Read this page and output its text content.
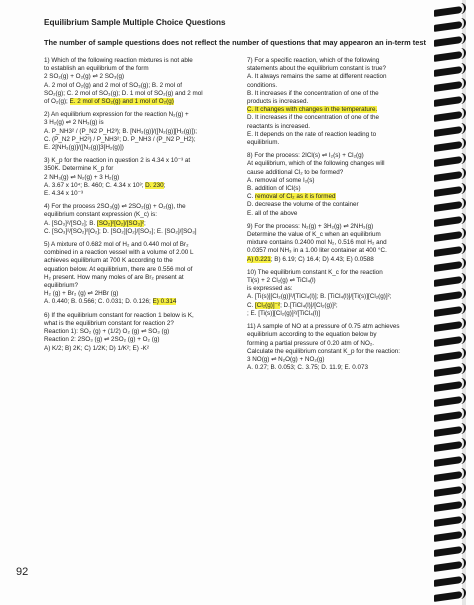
Equilibrium Sample Multiple Choice Questions
The number of sample questions does not reflect the number of questions that may appearon an in-term test
1) Which of the following reaction mixtures is not able
to establish an equilibrium of the form
2 SO₂(g) + O₂(g) ⇌ 2 SO₃(g)
A. 2 mol of O₂(g) and 2 mol of SO₃(g); B. 2 mol of
SO₂(g); C. 2 mol of SO₃(g); D. 1 mol of SO₂(g) and 2 mol
of O₂(g); E. 2 mol of SO₂(g) and 1 mol of O₂(g)
2) An equilibrium expression for the reaction N₂(g) +
3 H₂(g) ⇌ 2 NH₃(g) is
A. P_NH3² / (P_N2 P_H2³); B. [NH₃(g)]/([N₂(g)][H₂(g)]);
C. (P_N2 P_H2³) / P_NH3²; D. P_NH3 / (P_N2 P_H2);
E. 2[NH₃(g)]/([N₂(g)]3[H₂(g)])
3) K_p for the reaction in question 2 is 4.34 x 10⁻³ at
350K. Determine K_p for
2 NH₃(g) ⇌ N₂(g) + 3 H₂(g)
A. 3.67 x 10⁴; B. 460; C. 4.34 x 10³; D. 230;
E. 4.34 x 10⁻³
4) For the process 2SO₃(g) ⇌ 2SO₂(g) + O₂(g), the
equilibrium constant expression (K_c) is:
A. [SO₃]²/[SO₂]; B. [SO₂]²[O₂]/[SO₃]²;
C. [SO₃]²/[SO₂]²[O₂]; D. [SO₂][O₂]/[SO₃]; E. [SO₂]/[SO₃]
5) A mixture of 0.682 mol of H₂ and 0.440 mol of Br₂
combined in a reaction vessel with a volume of 2.00 L
achieves equilibrium at 700 K according to the
equation below. At equilibrium, there are 0.556 mol of
H₂ present. How many moles of are Br₂ present at
equilibrium?
H₂ (g) + Br₂ (g) ⇌ 2HBr (g)
A. 0.440; B. 0.566; C. 0.031; D. 0.126; E) 0.314
6) If the equilibrium constant for reaction 1 below is K,
what is the equilibrium constant for reaction 2?
Reaction 1): SO₂ (g) + (1/2) O₂ (g) ⇌ SO₃ (g)
Reaction 2: 2SO₃ (g) ⇌ 2SO₂ (g) + O₂ (g)
A) K/2; B) 2K; C) 1/2K; D) 1/K²; E) -K²
7) For a specific reaction, which of the following
statements about the equilibrium constant is true?
A. It always remains the same at different reaction
conditions.
B. It increases if the concentration of one of the
products is increased.
C. It changes with changes in the temperature.
D. It increases if the concentration of one of the
reactants is increased.
E. It depends on the rate of reaction leading to
equilibrium.
8) For the process: 2ICl(s) ⇌ I₂(s) + Cl₂(g)
At equilibrium, which of the following changes will
cause additional Cl₂ to be formed?
A. removal of some I₂(s)
B. addition of ICl(s)
C. removal of Cl₂ as it is formed
D. decrease the volume of the container
E. all of the above
9) For the process: N₂(g) + 3H₂(g) ⇌ 2NH₃(g)
Determine the value of K_c when an equilibrium
mixture contains 0.2400 mol N₂, 0.516 mol H₂ and
0.0357 mol NH₃ in a 1.00 liter container at 400 °C.
A) 0.221; B) 6.19; C) 16.4; D) 4.43; E) 0.0588
10) The equilibrium constant K_c for the reaction
Ti(s) + 2 Cl₂(g) ⇌ TiCl₄(l)
is expressed as:
A. [Ti(s)][Cl₂(g)]²/[TiCl₄(l)]; B. [TiCl₄(l)]/[Ti(s)][Cl₂(g)]²;
C. [Cl₂(g)]⁻²; D.[TiCl₄(l)]/[Cl₂(g)]²;
; E. [Ti(s)][Cl₂(g)]²/[TiCl₄(l)]
11) A sample of NO at a pressure of 0.75 atm achieves
equilibrium according to the equation below by
forming a partial pressure of 0.20 atm of NO₂.
Calculate the equilibrium constant K_p for the reaction:
3 NO(g) ⇌ N₂O(g) + NO₂(g)
A. 0.27; B. 0.053; C. 3.75; D. 11.9; E. 0.073
92
